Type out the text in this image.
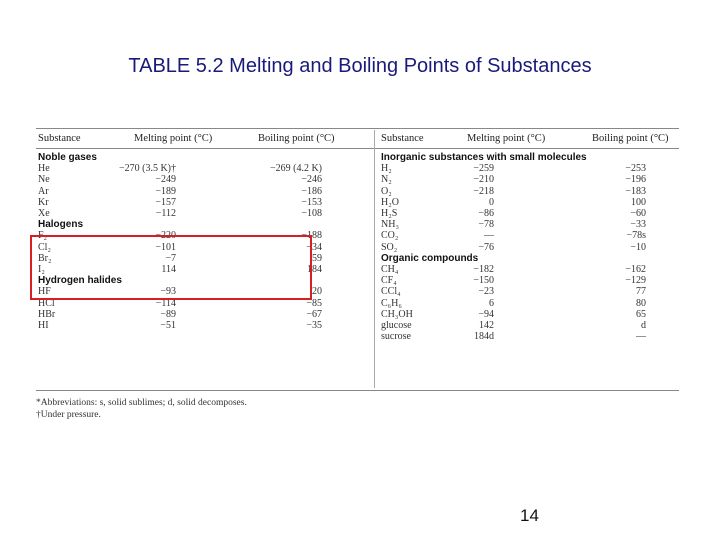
TABLE 5.2 Melting and Boiling Points of Substances
Substance	Melting point (°C)	Boiling point (°C)	Substance	Melting point (°C)	Boiling point (°C)
Noble gases
He	−270 (3.5 K)†	−269 (4.2 K)
Ne	−249	−246
Ar	−189	−186
Kr	−157	−153
Xe	−112	−108
Halogens
F₂	−220	−188
Cl₂	−101	−34
Br₂	−7	59
I₂	114	184
Hydrogen halides
HF	−93	20
HCl	−114	−85
HBr	−89	−67
HI	−51	−35
Inorganic substances with small molecules
H₂	−259	−253
N₂	−210	−196
O₂	−218	−183
H₂O	0	100
H₂S	−86	−60
NH₃	−78	−33
CO₂	—	−78s
SO₂	−76	−10
Organic compounds
CH₄	−182	−162
CF₄	−150	−129
CCl₄	−23	77
C₆H₆	6	80
CH₃OH	−94	65
glucose	142	d
sucrose	184d	—
*Abbreviations: s, solid sublimes; d, solid decomposes.
†Under pressure.
14
